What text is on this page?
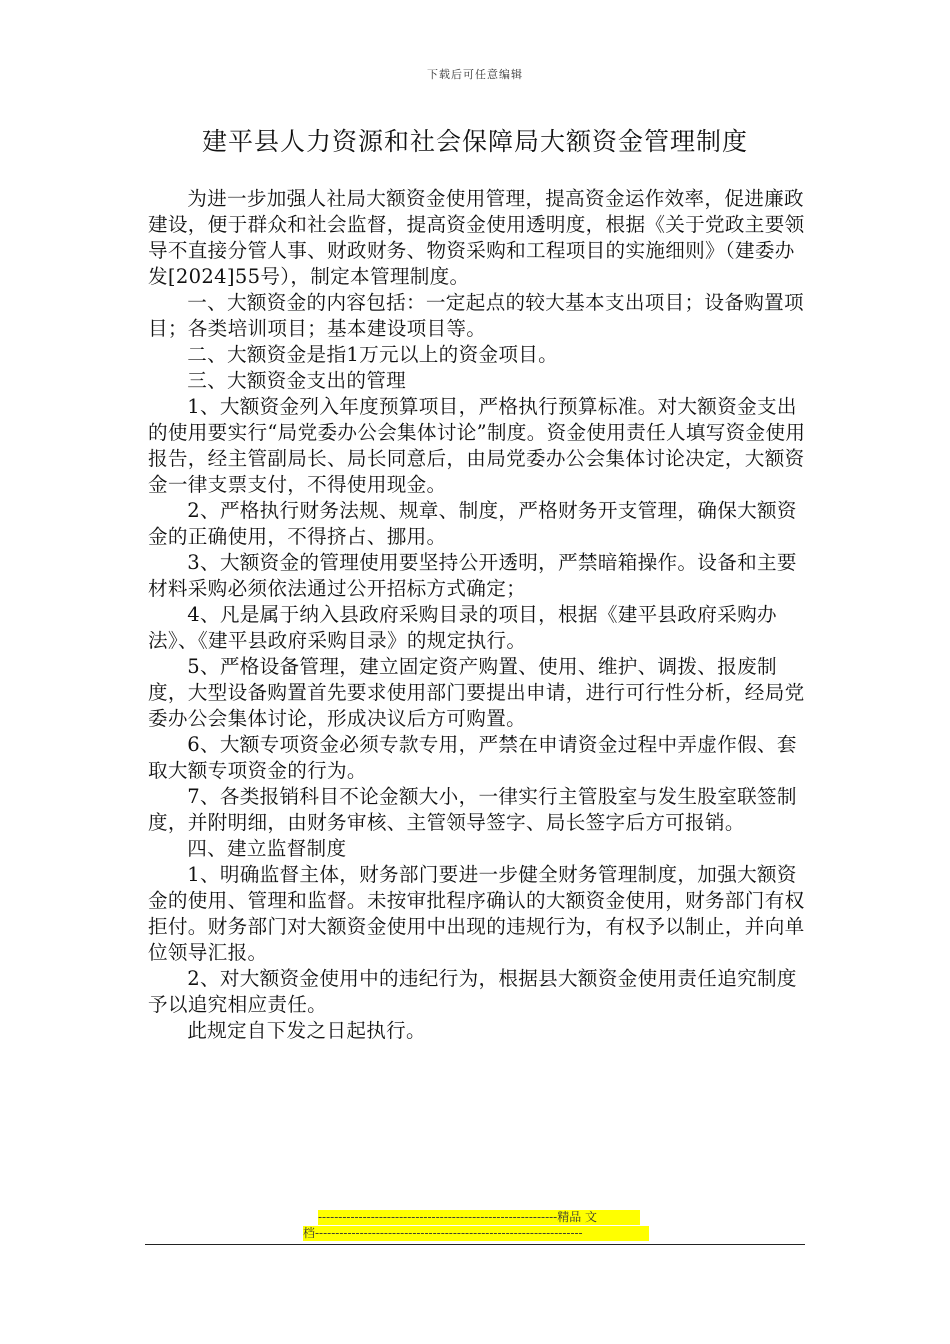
下载后可任意编辑
建平县人力资源和社会保障局大额资金管理制度

为进一步加强人社局大额资金使用管理，提高资金运作效率，促进廉政建设，便于群众和社会监督，提高资金使用透明度，根据《关于党政主要领导不直接分管人事、财政财务、物资采购和工程项目的实施细则》（建委办发[2024]55号），制定本管理制度。

一、大额资金的内容包括：一定起点的较大基本支出项目；设备购置项目；各类培训项目；基本建设项目等。

二、大额资金是指1万元以上的资金项目。

三、大额资金支出的管理

1、大额资金列入年度预算项目，严格执行预算标准。对大额资金支出的使用要实行“局党委办公会集体讨论”制度。资金使用责任人填写资金使用报告，经主管副局长、局长同意后，由局党委办公会集体讨论决定，大额资金一律支票支付，不得使用现金。

2、严格执行财务法规、规章、制度，严格财务开支管理，确保大额资金的正确使用，不得挤占、挪用。

3、大额资金的管理使用要坚持公开透明，严禁暗箱操作。设备和主要材料采购必须依法通过公开招标方式确定；

4、凡是属于纳入县政府采购目录的项目，根据《建平县政府采购办法》、《建平县政府采购目录》的规定执行。

5、严格设备管理，建立固定资产购置、使用、维护、调拨、报废制度，大型设备购置首先要求使用部门要提出申请，进行可行性分析，经局党委办公会集体讨论，形成决议后方可购置。

6、大额专项资金必须专款专用，严禁在申请资金过程中弄虚作假、套取大额专项资金的行为。

7、各类报销科目不论金额大小，一律实行主管股室与发生股室联签制度，并附明细，由财务审核、主管领导签字、局长签字后方可报销。

四、建立监督制度

1、明确监督主体，财务部门要进一步健全财务管理制度，加强大额资金的使用、管理和监督。未按审批程序确认的大额资金使用，财务部门有权拒付。财务部门对大额资金使用中出现的违规行为，有权予以制止，并向单位领导汇报。

2、对大额资金使用中的违纪行为，根据县大额资金使用责任追究制度予以追究相应责任。

此规定自下发之日起执行。

-----------------------------------------------------------精品 文
档------------------------------------------------------------------
